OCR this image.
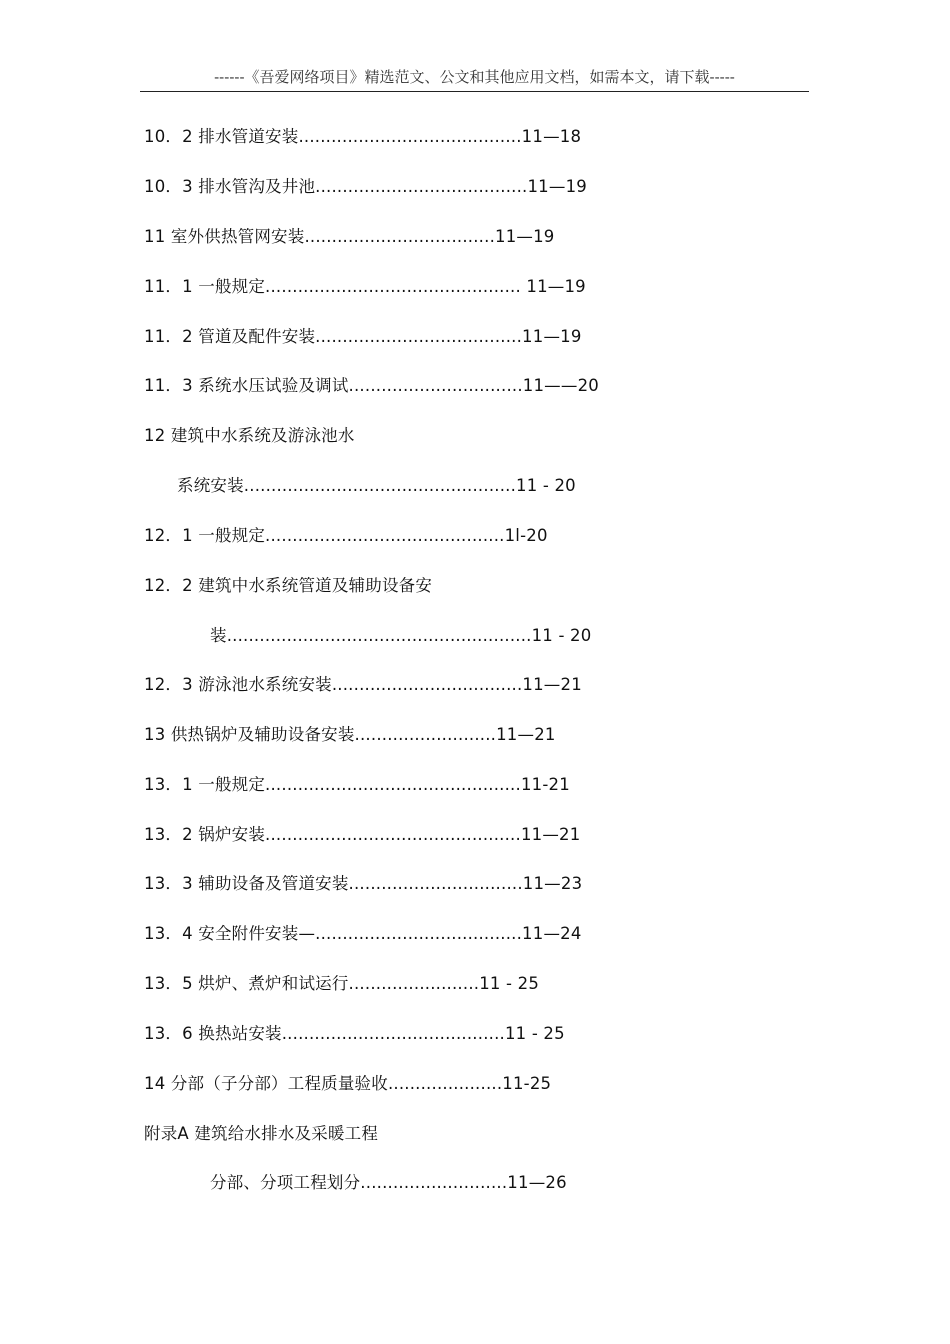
------《吾爱网络项目》精选范文、公文和其他应用文档，如需本文，请下载-----
10．2 排水管道安装.........................................11—18
10．3 排水管沟及井池.......................................11—19
11 室外供热管网安装...................................11—19
11．1 一般规定............................................... 11—19
11．2 管道及配件安装......................................11—19
11．3 系统水压试验及调试................................11——20
12 建筑中水系统及游泳池水
系统安装..................................................11 - 20
12．1 一般规定............................................1l-20
12．2 建筑中水系统管道及辅助设备安
装........................................................11 - 20
12．3 游泳池水系统安装...................................11—21
13 供热锅炉及辅助设备安装..........................11—21
13．1 一般规定...............................................11-21
13．2 锅炉安装...............................................11—21
13．3 辅助设备及管道安装................................11—23
13．4 安全附件安装—......................................11—24
13．5 烘炉、煮炉和试运行........................11 - 25
13．6 换热站安装.........................................11 - 25
14 分部（子分部）工程质量验收.....................11-25
附录A 建筑给水排水及采暖工程
分部、分项工程划分...........................11—26
